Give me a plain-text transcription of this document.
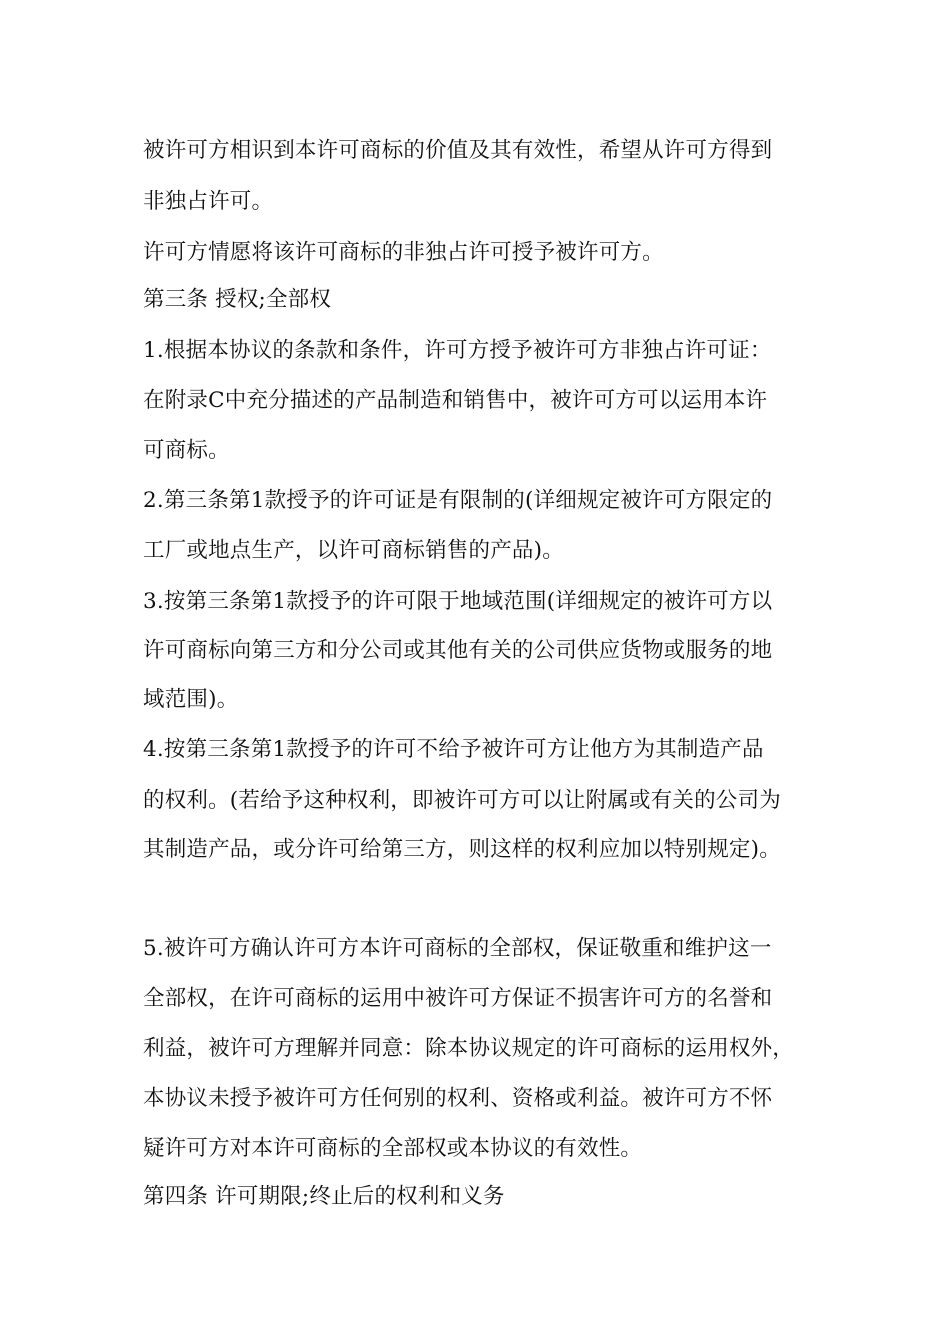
被许可方相识到本许可商标的价值及其有效性，希望从许可方得到
非独占许可。
许可方情愿将该许可商标的非独占许可授予被许可方。
第三条 授权;全部权
1.根据本协议的条款和条件，许可方授予被许可方非独占许可证：
在附录C中充分描述的产品制造和销售中，被许可方可以运用本许
可商标。
2.第三条第1款授予的许可证是有限制的(详细规定被许可方限定的
工厂或地点生产，以许可商标销售的产品)。
3.按第三条第1款授予的许可限于地域范围(详细规定的被许可方以
许可商标向第三方和分公司或其他有关的公司供应货物或服务的地
域范围)。
4.按第三条第1款授予的许可不给予被许可方让他方为其制造产品
的权利。(若给予这种权利，即被许可方可以让附属或有关的公司为
其制造产品，或分许可给第三方，则这样的权利应加以特别规定)。
5.被许可方确认许可方本许可商标的全部权，保证敬重和维护这一
全部权，在许可商标的运用中被许可方保证不损害许可方的名誉和
利益，被许可方理解并同意：除本协议规定的许可商标的运用权外，
本协议未授予被许可方任何别的权利、资格或利益。被许可方不怀
疑许可方对本许可商标的全部权或本协议的有效性。
第四条 许可期限;终止后的权利和义务
